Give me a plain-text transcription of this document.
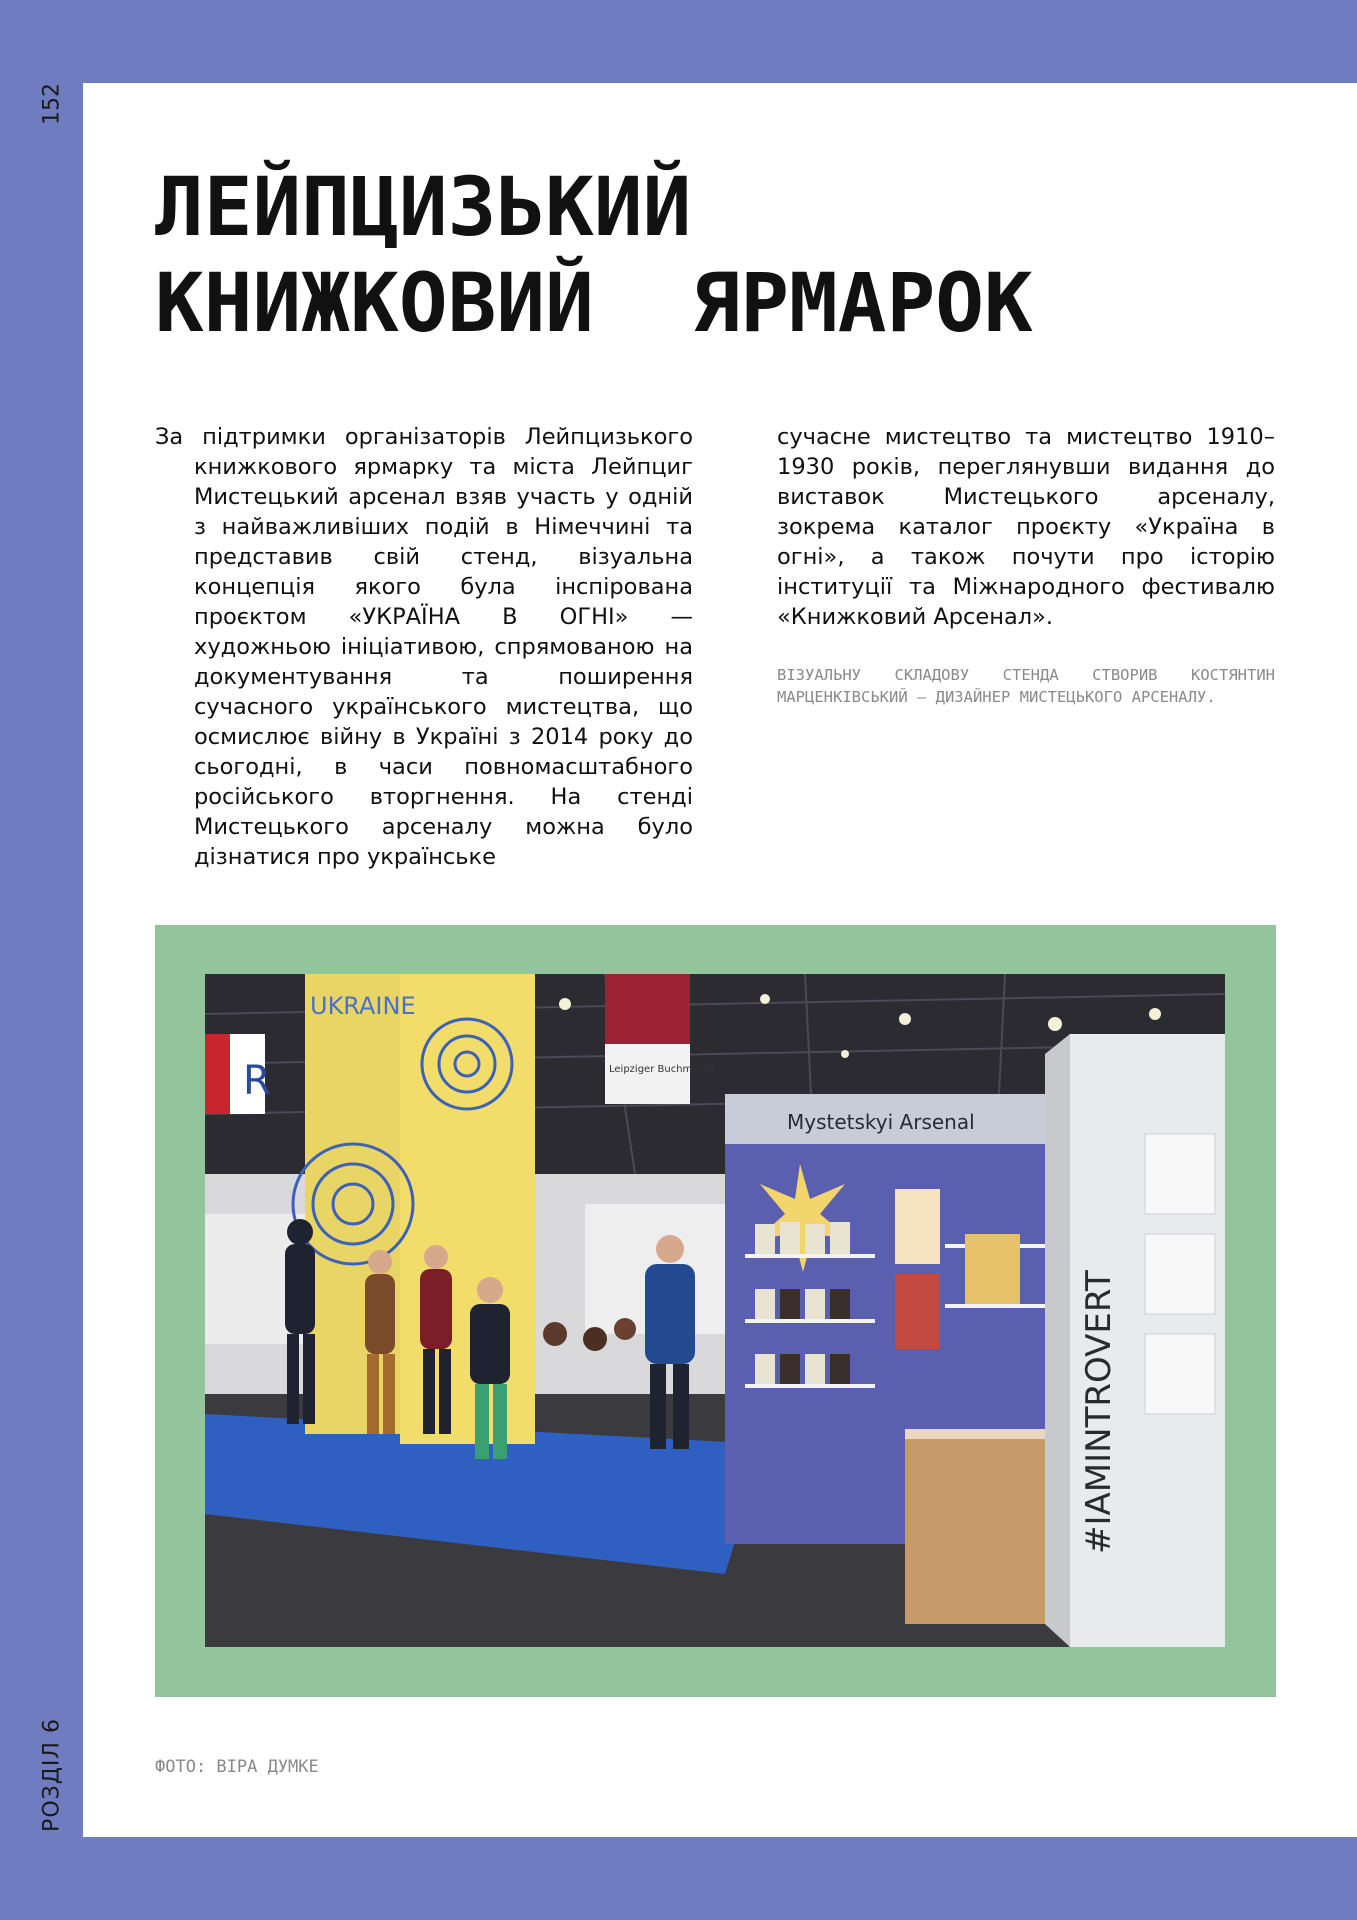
152
РОЗДІЛ 6
ЛЕЙПЦИЗЬКИЙ
КНИЖКОВИЙ  ЯРМАРОК

За підтримки організаторів Лейпцизького книжкового ярмарку та міста Лейпциг Мистецький арсенал взяв участь у одній з найважливіших подій в Німеччині та представив свій стенд, візуальна концепція якого була інспірована проєктом «УКРАЇНА В ОГНІ» — художньою ініціативою, спрямованою на документування та поширення сучасного українського мистецтва, що осмислює війну в Україні з 2014 року до сьогодні, в часи повномасштабного російського вторгнення. На стенді Мистецького арсеналу можна було дізнатися про українське

сучасне мистецтво та мистецтво 1910–1930 років, переглянувши видання до виставок Мистецького арсеналу, зокрема каталог проєкту «Україна в огні», а також почути про історію інституції та Міжнародного фестивалю «Книжковий Арсенал».

ВІЗУАЛЬНУ СКЛАДОВУ СТЕНДА СТВОРИВ КОСТЯНТИН МАРЦЕНКІВСЬКИЙ — ДИЗАЙНЕР МИСТЕЦЬКОГО АРСЕНАЛУ.

R
UKRAINE
Leipziger Buchmesse
Mystetskyi Arsenal
#IAMINTROVERT
ФОТО: ВІРА ДУМКЕ
